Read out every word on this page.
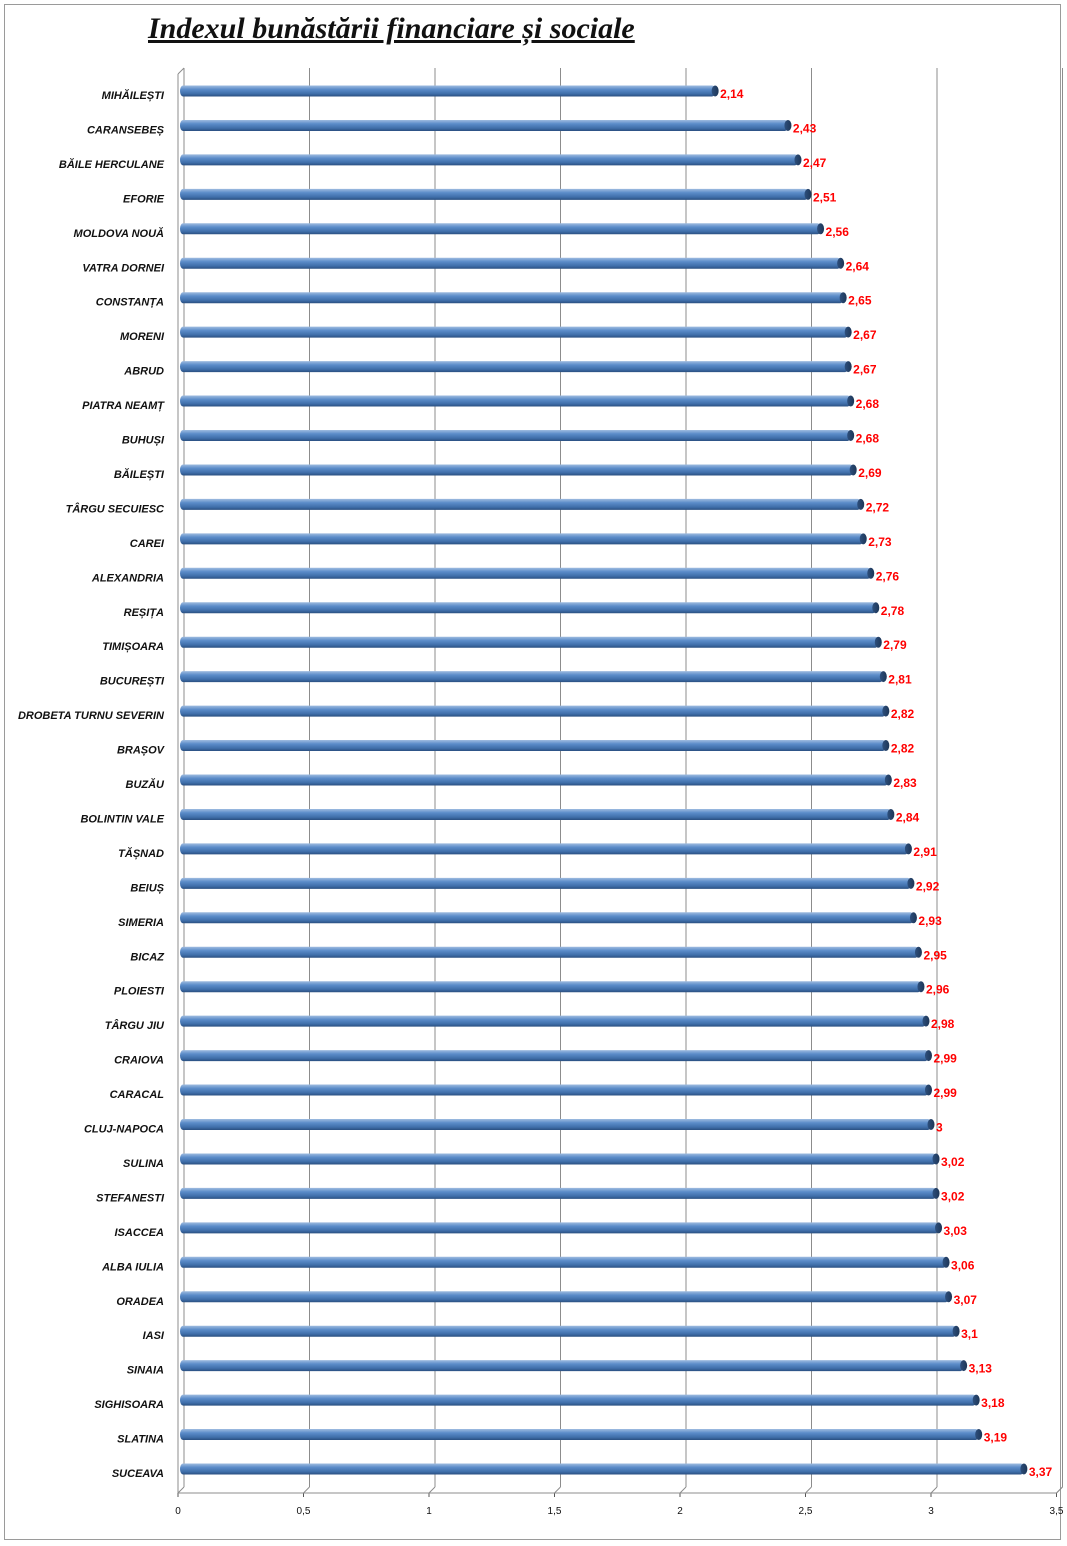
Indexul bunăstării financiare și sociale
0	0,5	1	1,5	2	2,5	3	3,5
MIHĂILEȘTI	2,14
CARANSEBEȘ	2,43
BĂILE HERCULANE	2,47
EFORIE	2,51
MOLDOVA NOUĂ	2,56
VATRA DORNEI	2,64
CONSTANȚA	2,65
MORENI	2,67
ABRUD	2,67
PIATRA NEAMȚ	2,68
BUHUȘI	2,68
BĂILEȘTI	2,69
TÂRGU SECUIESC	2,72
CAREI	2,73
ALEXANDRIA	2,76
REȘIȚA	2,78
TIMIȘOARA	2,79
BUCUREȘTI	2,81
DROBETA TURNU SEVERIN	2,82
BRAȘOV	2,82
BUZĂU	2,83
BOLINTIN VALE	2,84
TĂȘNAD	2,91
BEIUȘ	2,92
SIMERIA	2,93
BICAZ	2,95
PLOIESTI	2,96
TÂRGU JIU	2,98
CRAIOVA	2,99
CARACAL	2,99
CLUJ-NAPOCA	3
SULINA	3,02
STEFANESTI	3,02
ISACCEA	3,03
ALBA IULIA	3,06
ORADEA	3,07
IASI	3,1
SINAIA	3,13
SIGHISOARA	3,18
SLATINA	3,19
SUCEAVA	3,37
